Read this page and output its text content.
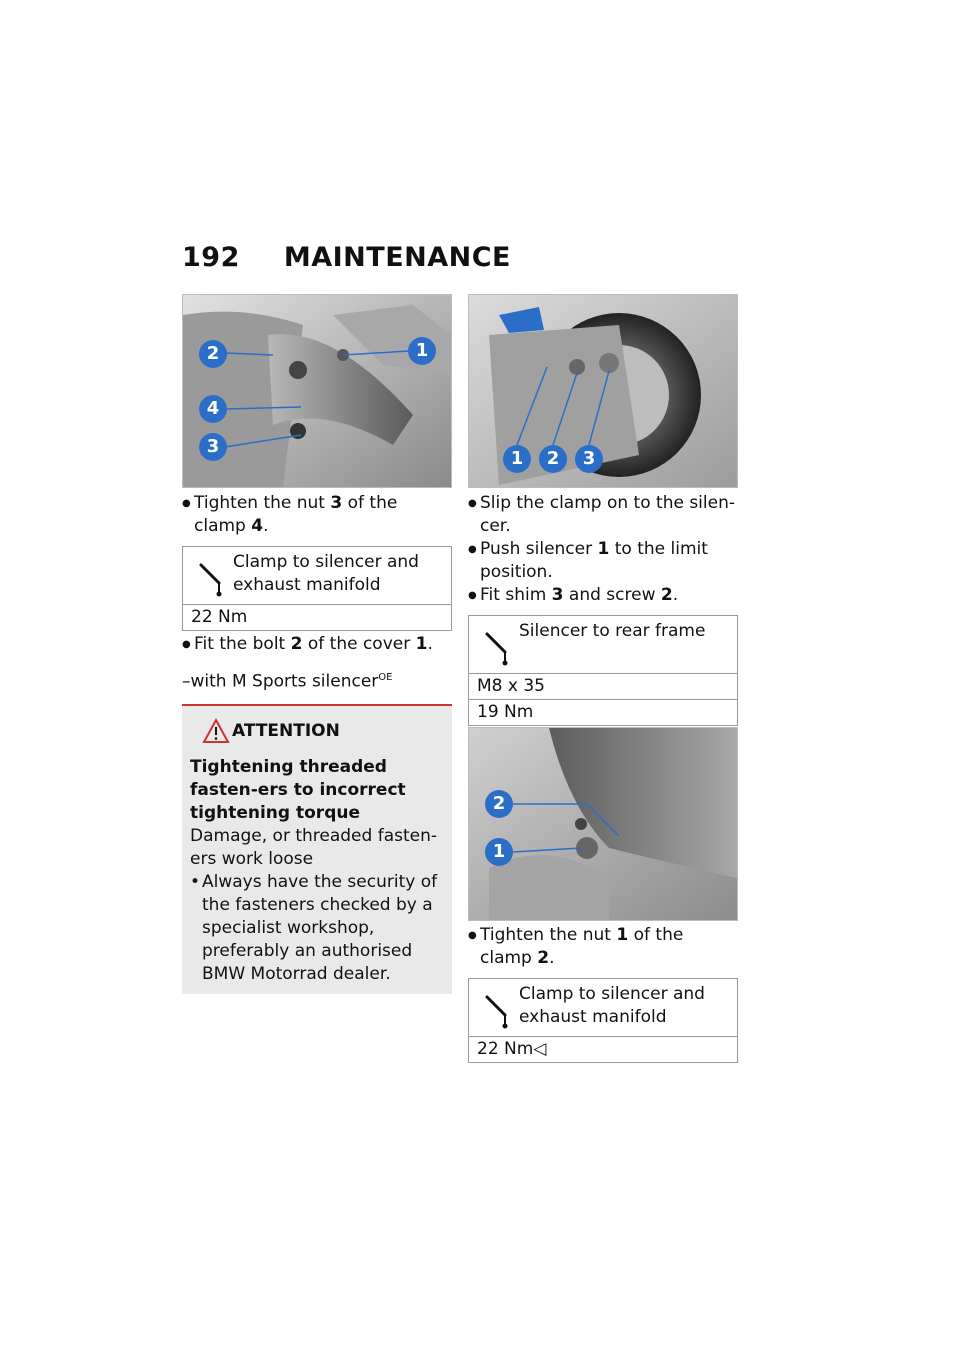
192 MAINTENANCE
2
4
3
1

● Tighten the nut 3 of the clamp 4.

Clamp to silencer and exhaust manifold
22 Nm

● Fit the bolt 2 of the cover 1.

–with M Sports silencer$^{OE}$
ATTENTION
Tightening threaded fasten-ers to incorrect tightening torque
Damage, or threaded fasten-ers work loose
• Always have the security of the fasteners checked by a specialist workshop, preferably an authorised BMW Motorrad dealer.
1	2	3

● Slip the clamp on to the silen-cer.

● Push silencer 1 to the limit position.

● Fit shim 3 and screw 2.

Silencer to rear frame
M8 x 35
19 Nm
2
1

● Tighten the nut 1 of the clamp 2.

Clamp to silencer and exhaust manifold
22 Nm◁
